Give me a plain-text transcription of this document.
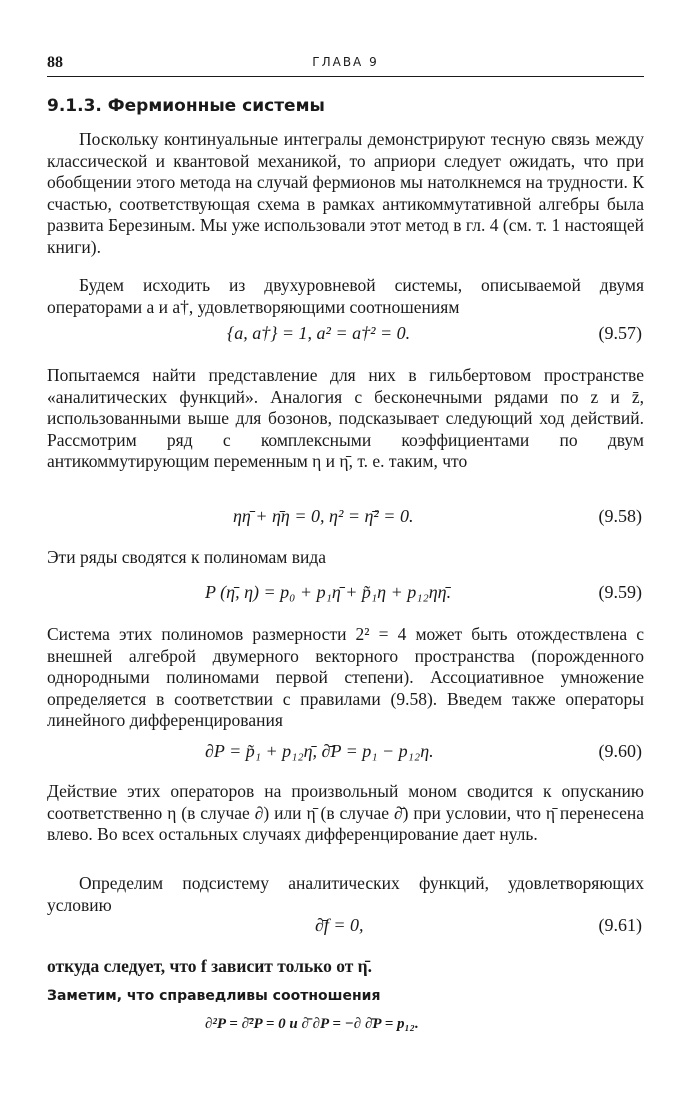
88	ГЛАВА 9
9.1.3. Фермионные системы
Поскольку континуальные интегралы демонстрируют тесную связь между классической и квантовой механикой, то априори следует ожидать, что при обобщении этого метода на случай фермионов мы натолкнемся на трудности. К счастью, соответствующая схема в рамках антикоммутативной алгебры была развита Березиным. Мы уже использовали этот метод в гл. 4 (см. т. 1 настоящей книги).
Будем исходить из двухуровневой системы, описываемой двумя операторами a и a†, удовлетворяющими соотношениям
{a, a†} = 1, a² = a†² = 0.	(9.57)
Попытаемся найти представление для них в гильбертовом пространстве «аналитических функций». Аналогия с бесконечными рядами по z и z̄, использованными выше для бозонов, подсказывает следующий ход действий. Рассмотрим ряд с комплексными коэффициентами по двум антикоммутирующим переменным η и η̄, т. е. таким, что
ηη̄ + η̄η = 0, η² = η̄² = 0.	(9.58)
Эти ряды сводятся к полиномам вида
P (η̄, η) = p₀ + p₁η̄ + p̃₁η + p₁₂ηη̄.	(9.59)
Система этих полиномов размерности 2² = 4 может быть отождествлена с внешней алгеброй двумерного векторного пространства (порожденного однородными полиномами первой степени). Ассоциативное умножение определяется в соответствии с правилами (9.58). Введем также операторы линейного дифференцирования
∂P = p̃₁ + p₁₂η̄, ∂̄P = p₁ − p₁₂η.	(9.60)
Действие этих операторов на произвольный моном сводится к опусканию соответственно η (в случае ∂) или η̄ (в случае ∂̄) при условии, что η̄ перенесена влево. Во всех остальных случаях дифференцирование дает нуль.
Определим подсистему аналитических функций, удовлетворяющих условию
∂̄f = 0,	(9.61)
откуда следует, что f зависит только от η̄.
Заметим, что справедливы соотношения
∂²P = ∂̄²P = 0 и ∂̄ ∂P = −∂ ∂̄P = p₁₂.
